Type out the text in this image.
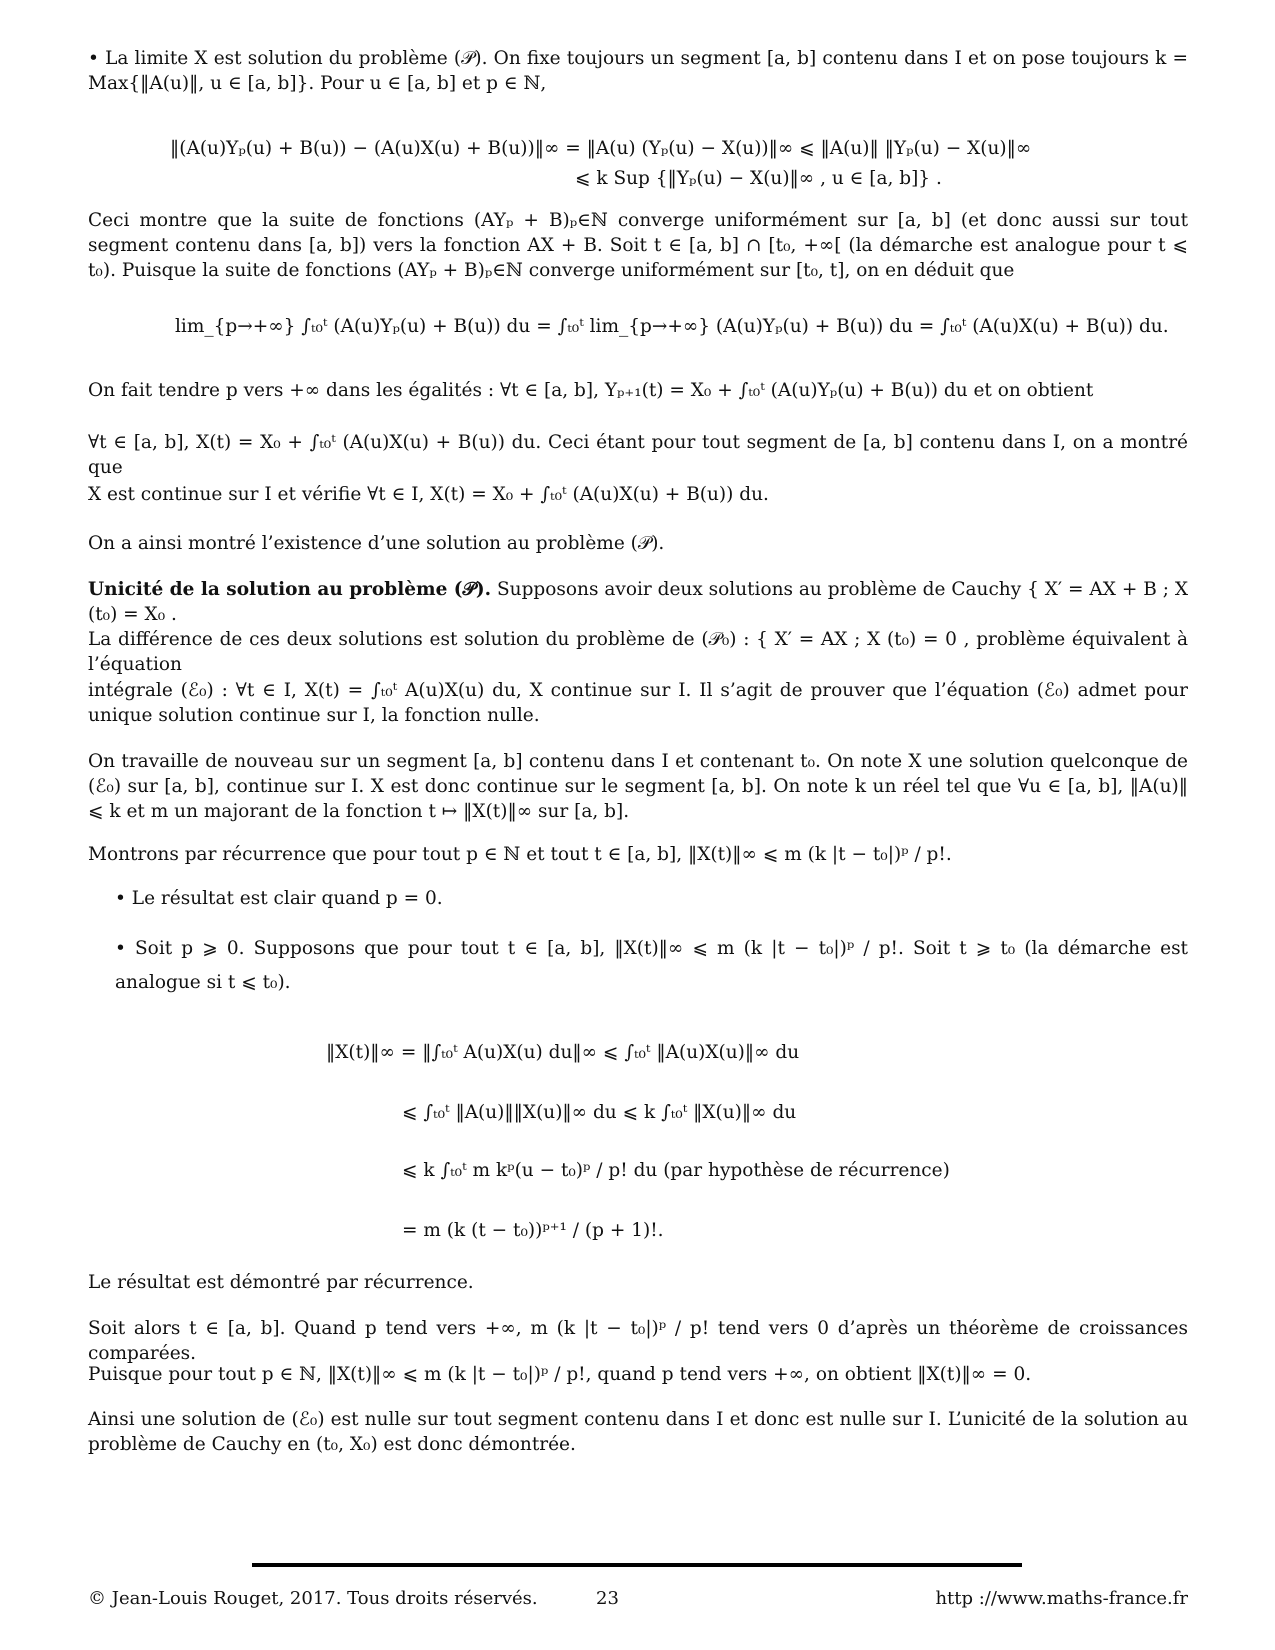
• La limite X est solution du problème (𝒫). On fixe toujours un segment [a, b] contenu dans I et on pose toujours k = Max{‖A(u)‖, u ∈ [a, b]}. Pour u ∈ [a, b] et p ∈ ℕ,

‖(A(u)Yₚ(u) + B(u)) − (A(u)X(u) + B(u))‖∞ = ‖A(u) (Yₚ(u) − X(u))‖∞ ⩽ ‖A(u)‖ ‖Yₚ(u) − X(u)‖∞
⩽ k Sup {‖Yₚ(u) − X(u)‖∞ , u ∈ [a, b]} .

Ceci montre que la suite de fonctions (AYₚ + B)ₚ∈ℕ converge uniformément sur [a, b] (et donc aussi sur tout segment contenu dans [a, b]) vers la fonction AX + B. Soit t ∈ [a, b] ∩ [t₀, +∞[ (la démarche est analogue pour t ⩽ t₀). Puisque la suite de fonctions (AYₚ + B)ₚ∈ℕ converge uniformément sur [t₀, t], on en déduit que

lim_{p→+∞} ∫ₜ₀ᵗ (A(u)Yₚ(u) + B(u)) du = ∫ₜ₀ᵗ lim_{p→+∞} (A(u)Yₚ(u) + B(u)) du = ∫ₜ₀ᵗ (A(u)X(u) + B(u)) du.

On fait tendre p vers +∞ dans les égalités : ∀t ∈ [a, b], Yₚ₊₁(t) = X₀ + ∫ₜ₀ᵗ (A(u)Yₚ(u) + B(u)) du et on obtient

∀t ∈ [a, b], X(t) = X₀ + ∫ₜ₀ᵗ (A(u)X(u) + B(u)) du. Ceci étant pour tout segment de [a, b] contenu dans I, on a montré que

X est continue sur I et vérifie ∀t ∈ I, X(t) = X₀ + ∫ₜ₀ᵗ (A(u)X(u) + B(u)) du.

On a ainsi montré l’existence d’une solution au problème (𝒫).

Unicité de la solution au problème (𝒫). Supposons avoir deux solutions au problème de Cauchy { X′ = AX + B ; X (t₀) = X₀ .

La différence de ces deux solutions est solution du problème de (𝒫₀) : { X′ = AX ; X (t₀) = 0 , problème équivalent à l’équation

intégrale (ℰ₀) : ∀t ∈ I, X(t) = ∫ₜ₀ᵗ A(u)X(u) du, X continue sur I. Il s’agit de prouver que l’équation (ℰ₀) admet pour unique solution continue sur I, la fonction nulle.

On travaille de nouveau sur un segment [a, b] contenu dans I et contenant t₀. On note X une solution quelconque de (ℰ₀) sur [a, b], continue sur I. X est donc continue sur le segment [a, b]. On note k un réel tel que ∀u ∈ [a, b], ‖A(u)‖ ⩽ k et m un majorant de la fonction t ↦ ‖X(t)‖∞ sur [a, b].

Montrons par récurrence que pour tout p ∈ ℕ et tout t ∈ [a, b], ‖X(t)‖∞ ⩽ m (k |t − t₀|)ᵖ / p!.

• Le résultat est clair quand p = 0.

• Soit p ⩾ 0. Supposons que pour tout t ∈ [a, b], ‖X(t)‖∞ ⩽ m (k |t − t₀|)ᵖ / p!. Soit t ⩾ t₀ (la démarche est analogue si t ⩽ t₀).

‖X(t)‖∞ = ‖∫ₜ₀ᵗ A(u)X(u) du‖∞ ⩽ ∫ₜ₀ᵗ ‖A(u)X(u)‖∞ du
⩽ ∫ₜ₀ᵗ ‖A(u)‖‖X(u)‖∞ du ⩽ k ∫ₜ₀ᵗ ‖X(u)‖∞ du
⩽ k ∫ₜ₀ᵗ m kᵖ(u − t₀)ᵖ / p! du (par hypothèse de récurrence)
= m (k (t − t₀))ᵖ⁺¹ / (p + 1)!.

Le résultat est démontré par récurrence.

Soit alors t ∈ [a, b]. Quand p tend vers +∞, m (k |t − t₀|)ᵖ / p! tend vers 0 d’après un théorème de croissances comparées.

Puisque pour tout p ∈ ℕ, ‖X(t)‖∞ ⩽ m (k |t − t₀|)ᵖ / p!, quand p tend vers +∞, on obtient ‖X(t)‖∞ = 0.

Ainsi une solution de (ℰ₀) est nulle sur tout segment contenu dans I et donc est nulle sur I. L’unicité de la solution au problème de Cauchy en (t₀, X₀) est donc démontrée.

© Jean-Louis Rouget, 2017. Tous droits réservés.	23	http ://www.maths-france.fr
